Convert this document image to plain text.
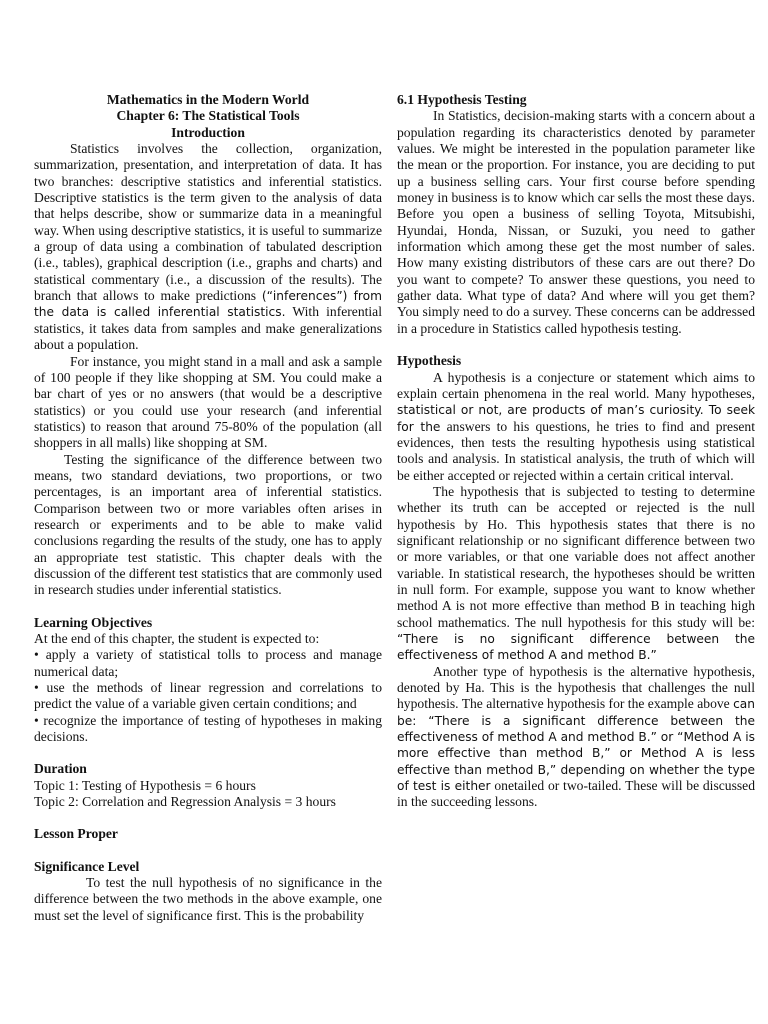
Mathematics in the Modern World

Chapter 6: The Statistical Tools

Introduction

Statistics involves the collection, organization, summarization, presentation, and interpretation of data. It has two branches: descriptive statistics and inferential statistics. Descriptive statistics is the term given to the analysis of data that helps describe, show or summarize data in a meaningful way. When using descriptive statistics, it is useful to summarize a group of data using a combination of tabulated description (i.e., tables), graphical description (i.e., graphs and charts) and statistical commentary (i.e., a discussion of the results). The branch that allows to make predictions (“inferences”) from the data is called inferential statistics. With inferential statistics, it takes data from samples and make generalizations about a population.

For instance, you might stand in a mall and ask a sample of 100 people if they like shopping at SM. You could make a bar chart of yes or no answers (that would be a descriptive statistics) or you could use your research (and inferential statistics) to reason that around 75-80% of the population (all shoppers in all malls) like shopping at SM.

Testing the significance of the difference between two means, two standard deviations, two proportions, or two percentages, is an important area of inferential statistics. Comparison between two or more variables often arises in research or experiments and to be able to make valid conclusions regarding the results of the study, one has to apply an appropriate test statistic. This chapter deals with the discussion of the different test statistics that are commonly used in research studies under inferential statistics.

Learning Objectives

At the end of this chapter, the student is expected to:

• apply a variety of statistical tolls to process and manage numerical data;

• use the methods of linear regression and correlations to predict the value of a variable given certain conditions; and

• recognize the importance of testing of hypotheses in making decisions.

Duration

Topic 1: Testing of Hypothesis = 6 hours

Topic 2: Correlation and Regression Analysis = 3 hours

Lesson Proper

Significance Level

To test the null hypothesis of no significance in the difference between the two methods in the above example, one must set the level of significance first. This is the probability

6.1 Hypothesis Testing

In Statistics, decision-making starts with a concern about a population regarding its characteristics denoted by parameter values. We might be interested in the population parameter like the mean or the proportion. For instance, you are deciding to put up a business selling cars. Your first course before spending money in business is to know which car sells the most these days. Before you open a business of selling Toyota, Mitsubishi, Hyundai, Honda, Nissan, or Suzuki, you need to gather information which among these get the most number of sales. How many existing distributors of these cars are out there? Do you want to compete? To answer these questions, you need to gather data. What type of data? And where will you get them? You simply need to do a survey. These concerns can be addressed in a procedure in Statistics called hypothesis testing.

Hypothesis

A hypothesis is a conjecture or statement which aims to explain certain phenomena in the real world. Many hypotheses, statistical or not, are products of man’s curiosity. To seek for the answers to his questions, he tries to find and present evidences, then tests the resulting hypothesis using statistical tools and analysis. In statistical analysis, the truth of which will be either accepted or rejected within a certain critical interval.

The hypothesis that is subjected to testing to determine whether its truth can be accepted or rejected is the null hypothesis by Ho. This hypothesis states that there is no significant relationship or no significant difference between two or more variables, or that one variable does not affect another variable. In statistical research, the hypotheses should be written in null form. For example, suppose you want to know whether method A is not more effective than method B in teaching high school mathematics. The null hypothesis for this study will be: “There is no significant difference between the effectiveness of method A and method B.”

Another type of hypothesis is the alternative hypothesis, denoted by Ha. This is the hypothesis that challenges the null hypothesis. The alternative hypothesis for the example above can be: “There is a significant difference between the effectiveness of method A and method B.” or “Method A is more effective than method B,” or Method A is less effective than method B,” depending on whether the type of test is either onetailed or two-tailed. These will be discussed in the succeeding lessons.
